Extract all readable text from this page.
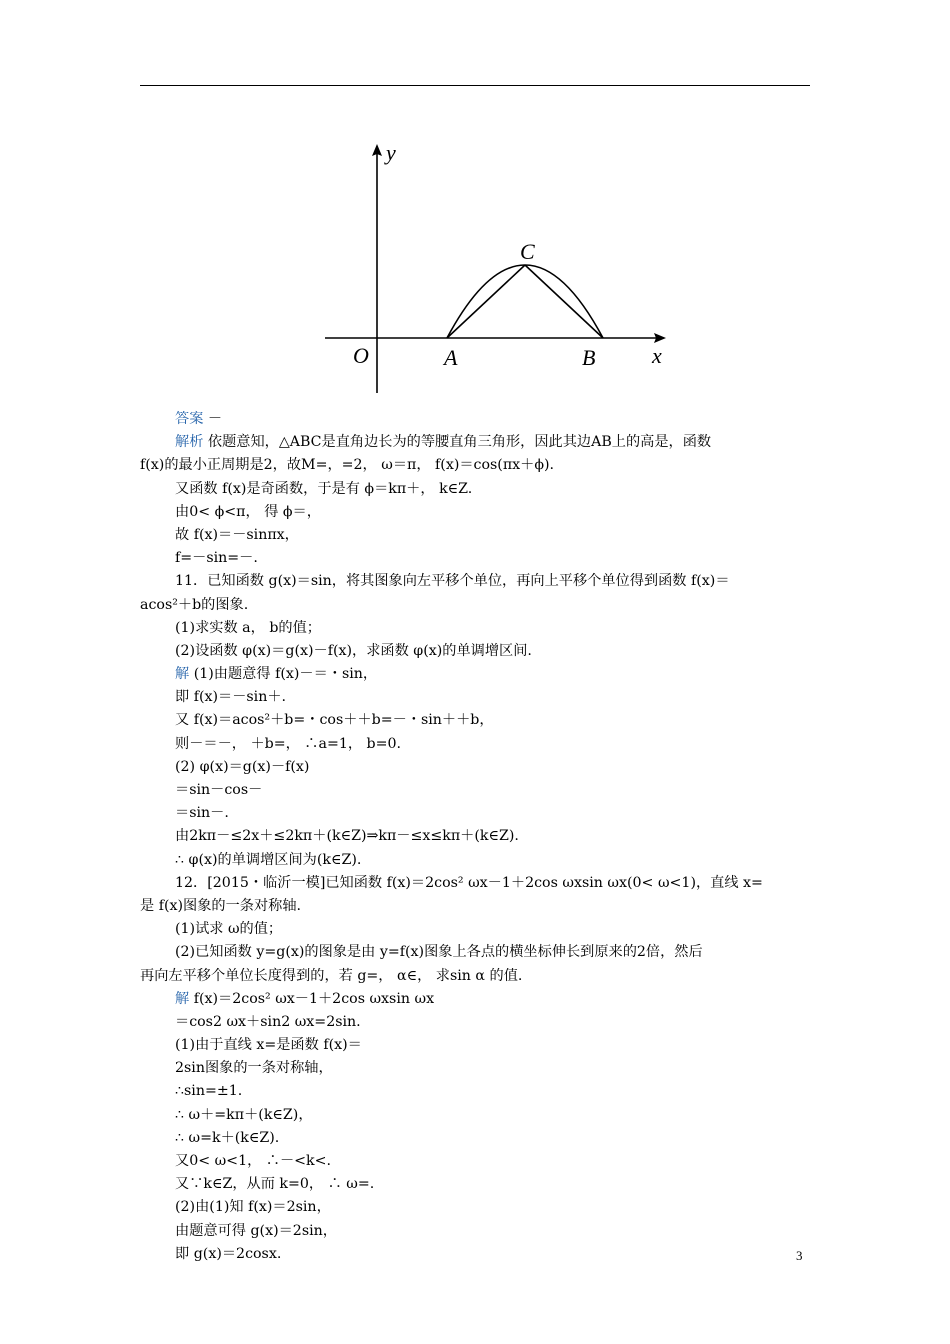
y
x
O	A	B
C
答案 －
解析 依题意知，△ABC是直角边长为的等腰直角三角形，因此其边AB上的高是，函数
f(x)的最小正周期是2，故M=，=2， ω＝π， f(x)＝cos(πx＋ϕ).
又函数 f(x)是奇函数，于是有 ϕ＝kπ＋， k∈Z.
由0< ϕ<π， 得 ϕ＝，
故 f(x)＝－sinπx，
f=－sin=－.
11．已知函数 g(x)＝sin，将其图象向左平移个单位，再向上平移个单位得到函数 f(x)＝
acos²＋b的图象.
(1)求实数 a， b的值；
(2)设函数 φ(x)＝g(x)－f(x)，求函数 φ(x)的单调增区间.
解 (1)由题意得 f(x)－＝・sin，
即 f(x)＝－sin＋.
又 f(x)＝acos²＋b=・cos＋＋b=－・sin＋＋b，
则－＝－， ＋b=， ∴a=1， b=0.
(2) φ(x)＝g(x)－f(x)
＝sin－cos－
＝sin－.
由2kπ－≤2x＋≤2kπ＋(k∈Z)⇒kπ－≤x≤kπ＋(k∈Z).
∴ φ(x)的单调增区间为(k∈Z).
12．[2015・临沂一模]已知函数 f(x)＝2cos² ωx－1＋2cos ωxsin ωx(0< ω<1)，直线 x=
是 f(x)图象的一条对称轴.
(1)试求 ω的值；
(2)已知函数 y=g(x)的图象是由 y=f(x)图象上各点的横坐标伸长到原来的2倍，然后
再向左平移个单位长度得到的，若 g=， α∈， 求sin α 的值.
解 f(x)＝2cos² ωx－1＋2cos ωxsin ωx
＝cos2 ωx＋sin2 ωx=2sin.
(1)由于直线 x=是函数 f(x)＝
2sin图象的一条对称轴，
∴sin=±1.
∴ ω＋=kπ＋(k∈Z)，
∴ ω=k＋(k∈Z).
又0< ω<1， ∴－<k<.
又∵k∈Z，从而 k=0， ∴ ω=.
(2)由(1)知 f(x)＝2sin，
由题意可得 g(x)＝2sin，
即 g(x)＝2cosx.	3
